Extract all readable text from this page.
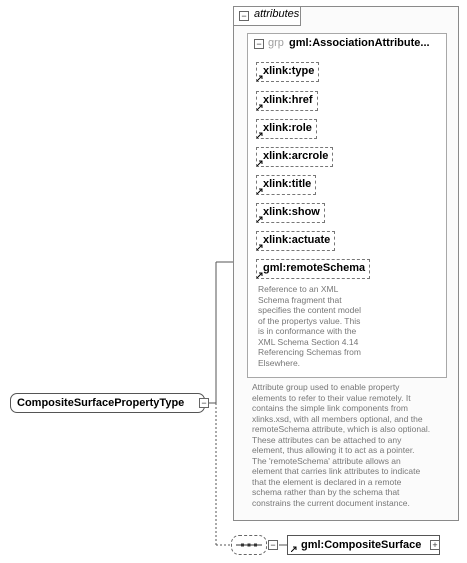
− attributes
− grp gml:AssociationAttribute...
xlink:type
xlink:href
xlink:role
xlink:arcrole
xlink:title
xlink:show
xlink:actuate
gml:remoteSchema
Reference to an XML
Schema fragment that
specifies the content model
of the propertys value. This
is in conformance with the
XML Schema Section 4.14
Referencing Schemas from
Elsewhere.
Attribute group used to enable property
elements to refer to their value remotely. It
contains the simple link components from
xlinks.xsd, with all members optional, and the
remoteSchema attribute, which is also optional.
These attributes can be attached to any
element, thus allowing it to act as a pointer.
The 'remoteSchema' attribute allows an
element that carries link attributes to indicate
that the element is declared in a remote
schema rather than by the schema that
constrains the current document instance.
CompositeSurfacePropertyType	−
−	gml:CompositeSurface	+
